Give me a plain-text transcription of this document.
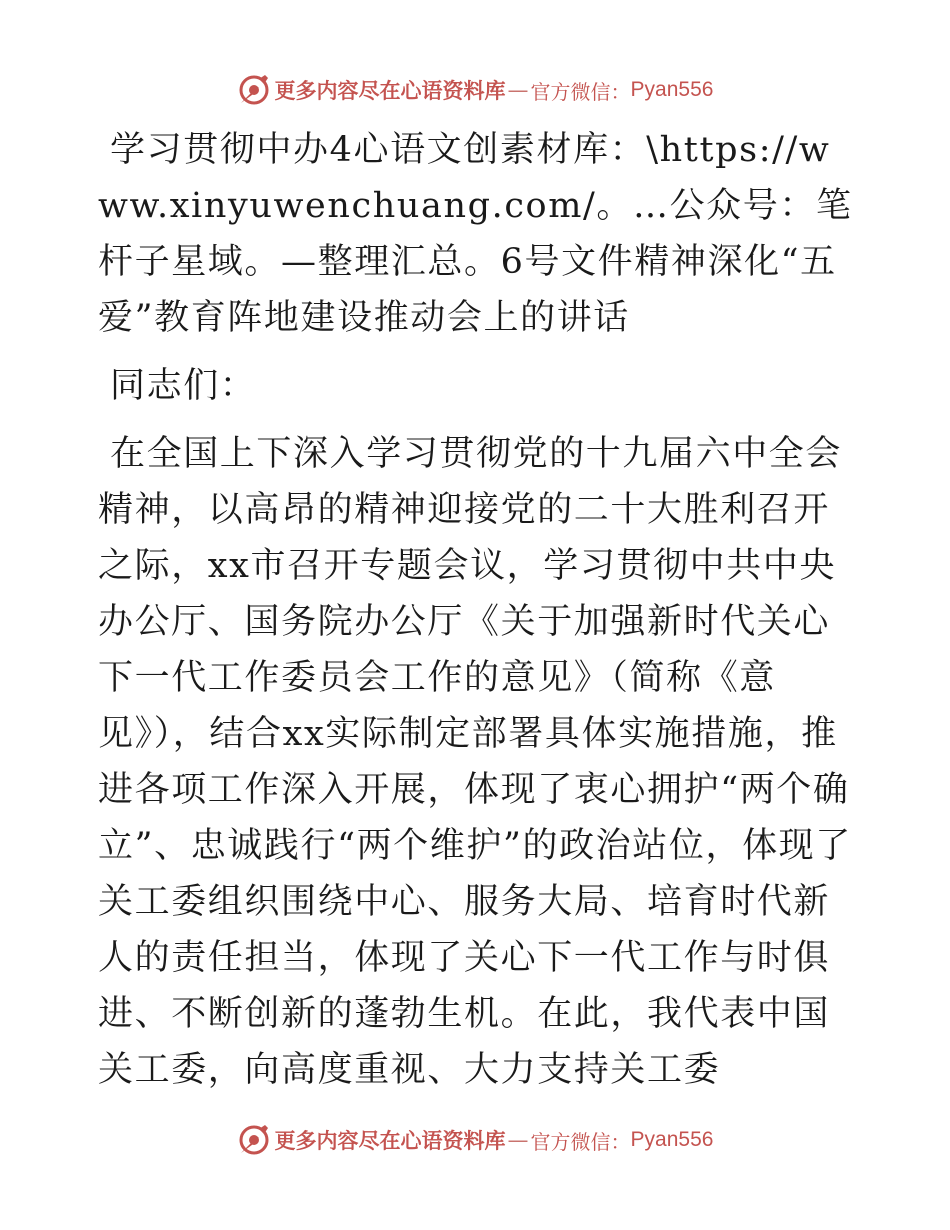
更多内容尽在心语资料库 — 官方微信： Pyan556

学习贯彻中办4心语文创素材库：\https://www.xinyuwenchuang.com/。…公众号：笔杆子星域。—整理汇总。6号文件精神深化“五爱”教育阵地建设推动会上的讲话

同志们：

在全国上下深入学习贯彻党的十九届六中全会精神，以高昂的精神迎接党的二十大胜利召开之际，xx市召开专题会议，学习贯彻中共中央办公厅、国务院办公厅《关于加强新时代关心下一代工作委员会工作的意见》（简称《意见》），结合xx实际制定部署具体实施措施，推进各项工作深入开展，体现了衷心拥护“两个确立”、忠诚践行“两个维护”的政治站位，体现了关工委组织围绕中心、服务大局、培育时代新人的责任担当，体现了关心下一代工作与时俱进、不断创新的蓬勃生机。在此，我代表中国关工委，向高度重视、大力支持关工委

更多内容尽在心语资料库 — 官方微信： Pyan556
